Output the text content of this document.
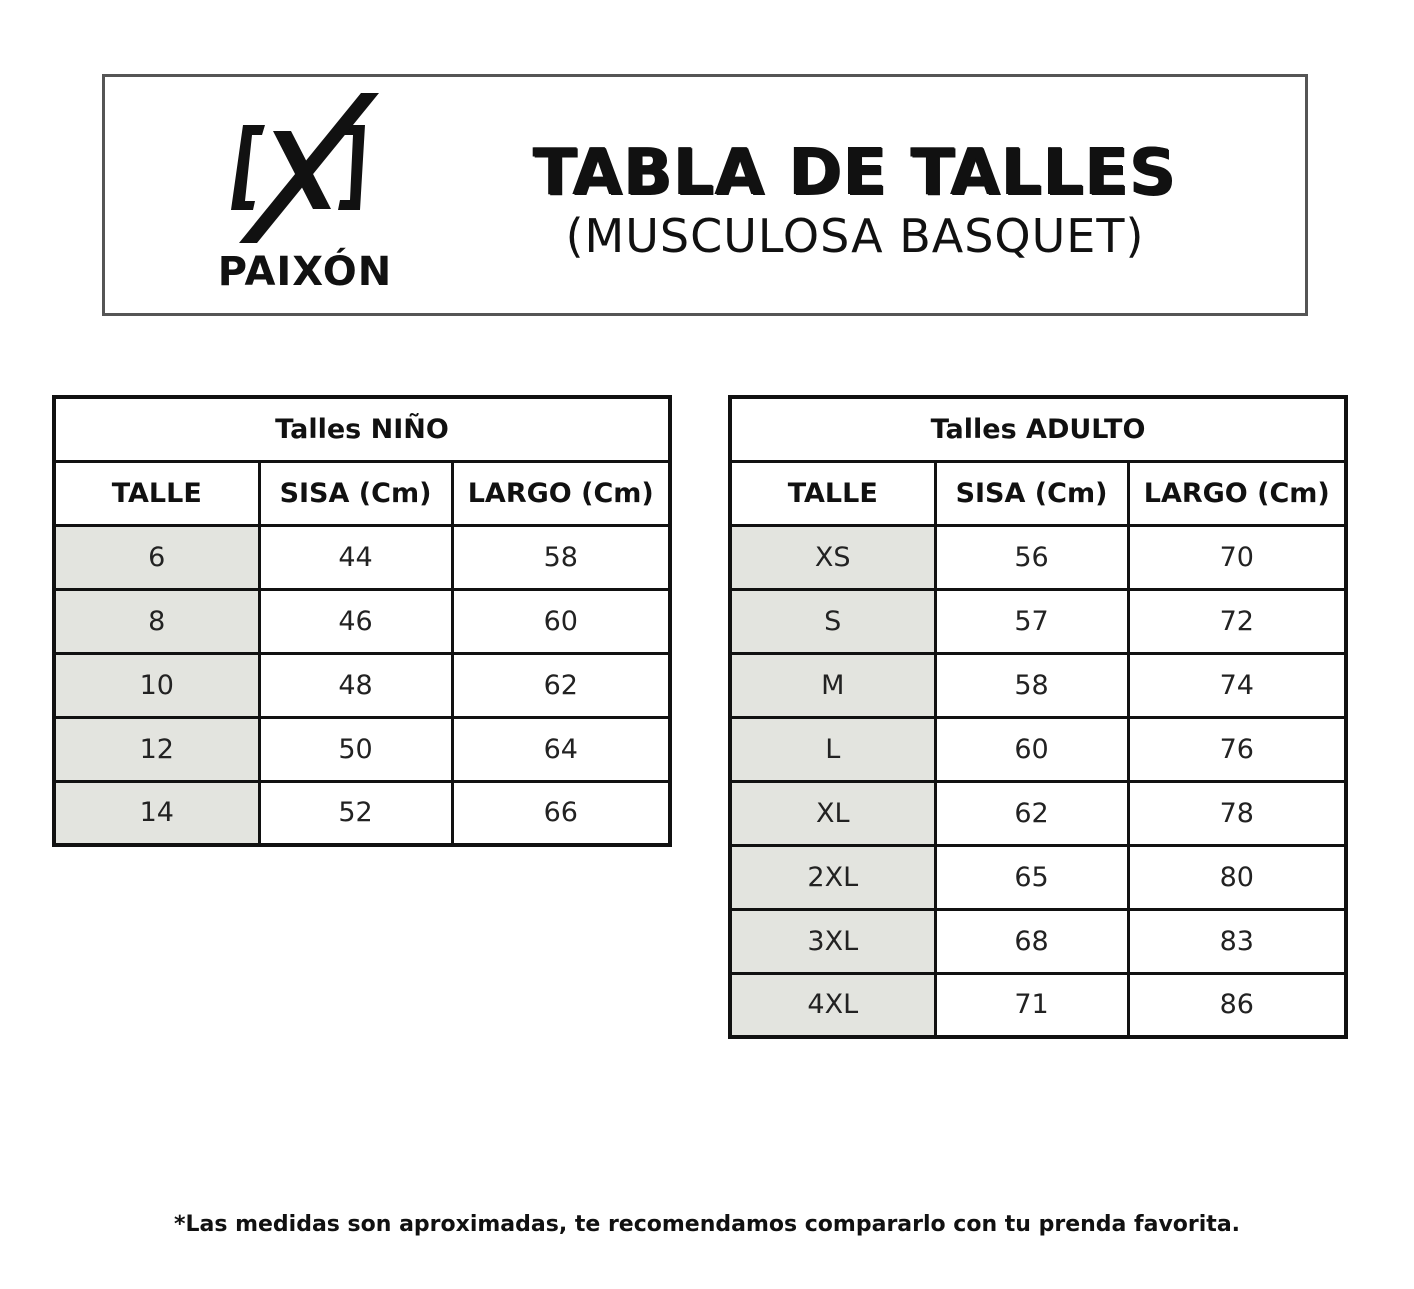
PAIXÓN
TABLA DE TALLES
(MUSCULOSA BASQUET)
Talles NIÑO		
TALLE	SISA (Cm)	LARGO (Cm)
6	44	58
8	46	60
10	48	62
12	50	64
14	52	66
Talles ADULTO		
TALLE	SISA (Cm)	LARGO (Cm)
XS	56	70
S	57	72
M	58	74
L	60	76
XL	62	78
2XL	65	80
3XL	68	83
4XL	71	86
*Las medidas son aproximadas, te recomendamos compararlo con tu prenda favorita.
